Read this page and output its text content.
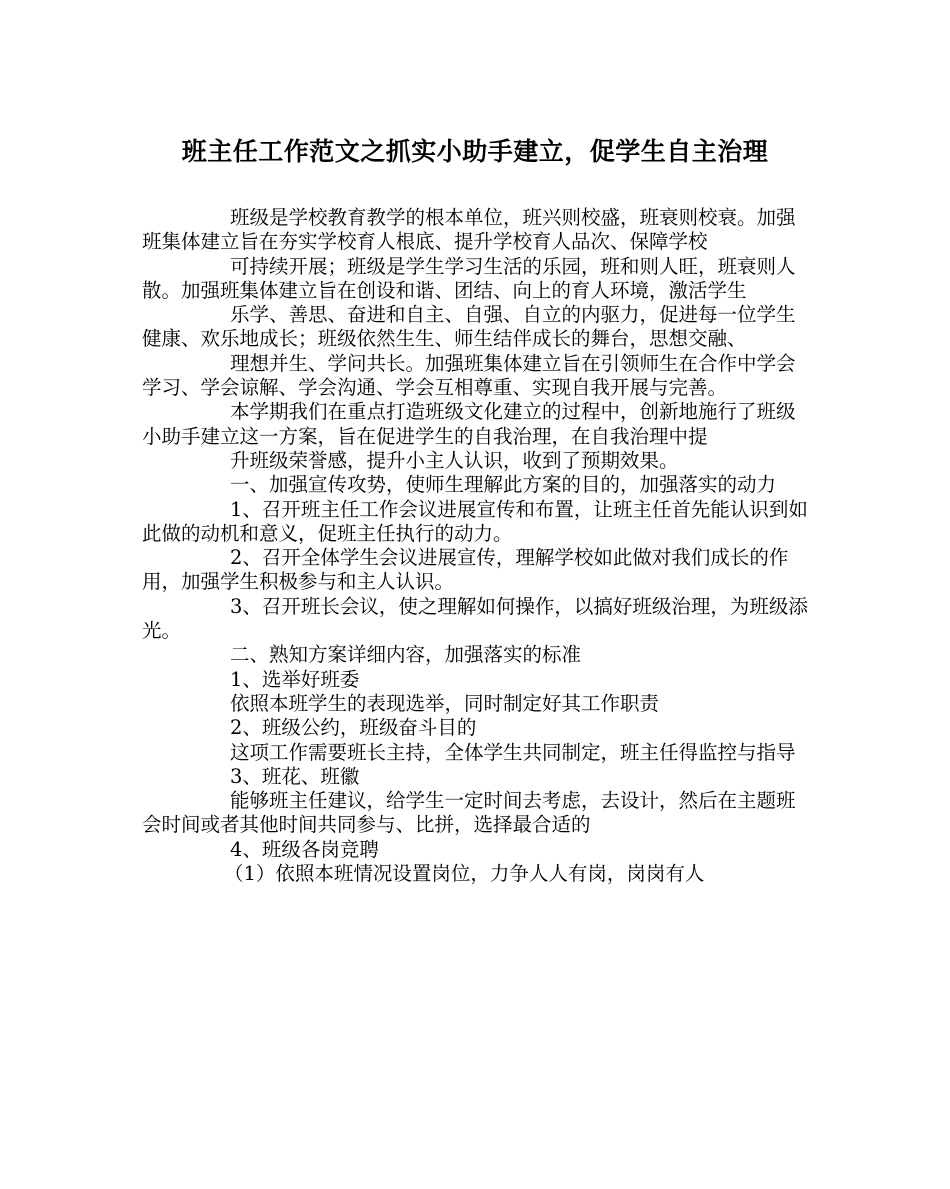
班主任工作范文之抓实小助手建立，促学生自主治理

班级是学校教育教学的根本单位，班兴则校盛，班衰则校衰。加强班集体建立旨在夯实学校育人根底、提升学校育人品次、保障学校

可持续开展；班级是学生学习生活的乐园，班和则人旺，班衰则人散。加强班集体建立旨在创设和谐、团结、向上的育人环境，激活学生

乐学、善思、奋进和自主、自强、自立的内驱力，促进每一位学生健康、欢乐地成长；班级依然生生、师生结伴成长的舞台，思想交融、

理想并生、学问共长。加强班集体建立旨在引领师生在合作中学会学习、学会谅解、学会沟通、学会互相尊重、实现自我开展与完善。

本学期我们在重点打造班级文化建立的过程中，创新地施行了班级小助手建立这一方案，旨在促进学生的自我治理，在自我治理中提

升班级荣誉感，提升小主人认识，收到了预期效果。

一、加强宣传攻势，使师生理解此方案的目的，加强落实的动力

1、召开班主任工作会议进展宣传和布置，让班主任首先能认识到如此做的动机和意义，促班主任执行的动力。

2、召开全体学生会议进展宣传，理解学校如此做对我们成长的作用，加强学生积极参与和主人认识。

3、召开班长会议，使之理解如何操作，以搞好班级治理，为班级添光。

二、熟知方案详细内容，加强落实的标准

1、选举好班委

依照本班学生的表现选举，同时制定好其工作职责

2、班级公约，班级奋斗目的

这项工作需要班长主持，全体学生共同制定，班主任得监控与指导

3、班花、班徽

能够班主任建议，给学生一定时间去考虑，去设计，然后在主题班会时间或者其他时间共同参与、比拼，选择最合适的

4、班级各岗竞聘

（1）依照本班情况设置岗位，力争人人有岗，岗岗有人
